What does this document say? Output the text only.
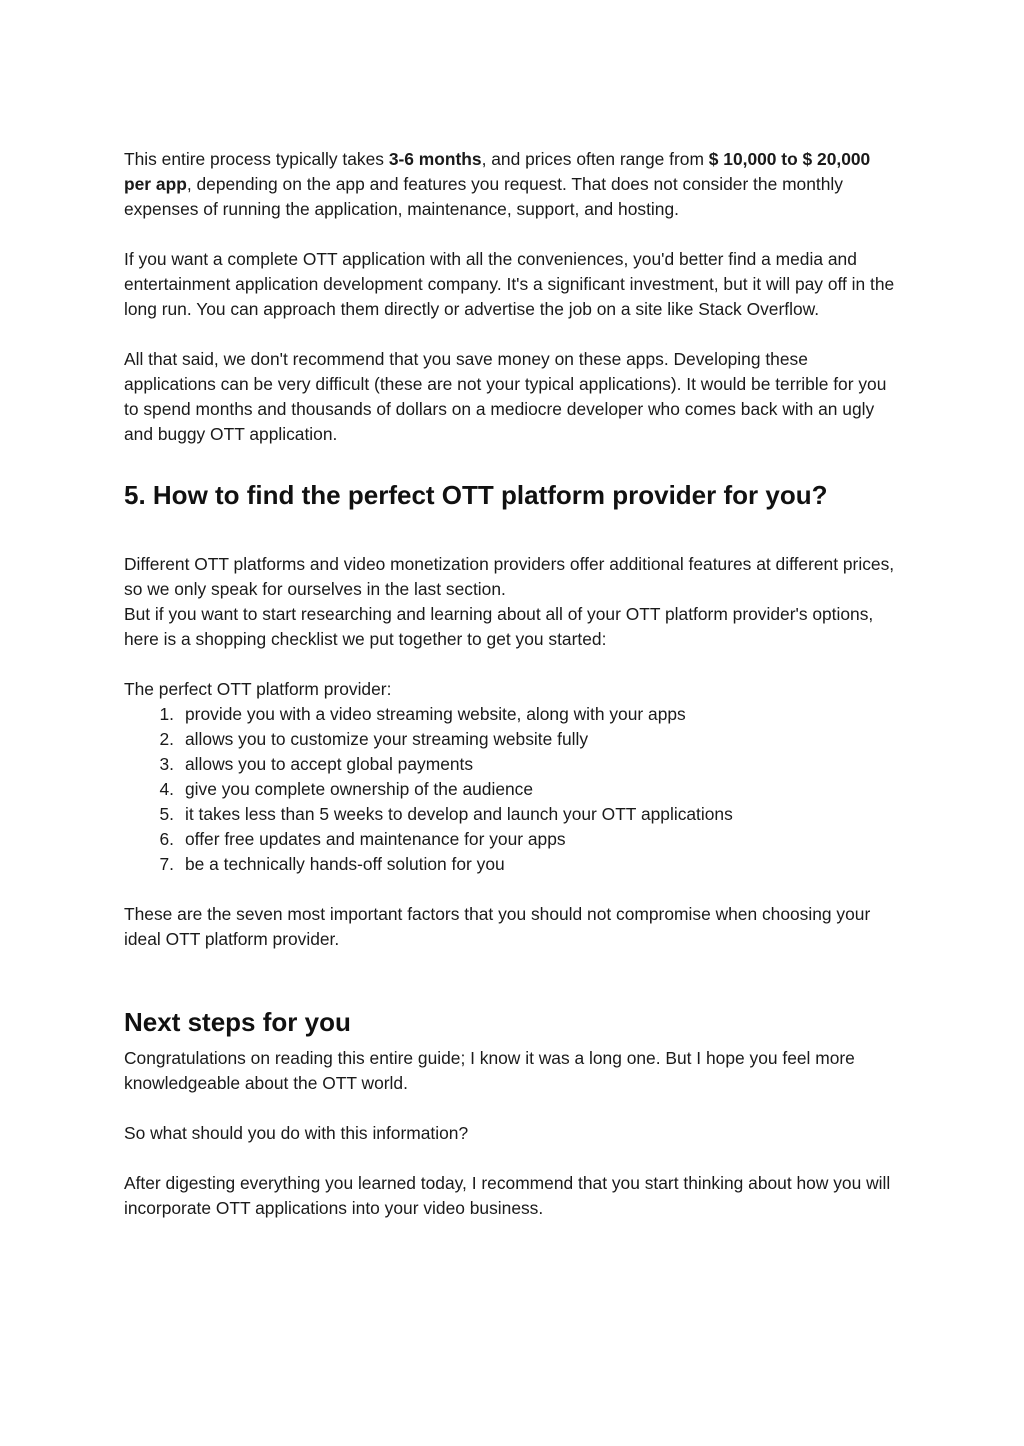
This entire process typically takes 3-6 months, and prices often range from $ 10,000 to $ 20,000 per app, depending on the app and features you request. That does not consider the monthly expenses of running the application, maintenance, support, and hosting.

If you want a complete OTT application with all the conveniences, you'd better find a media and entertainment application development company. It's a significant investment, but it will pay off in the long run. You can approach them directly or advertise the job on a site like Stack Overflow.

All that said, we don't recommend that you save money on these apps. Developing these applications can be very difficult (these are not your typical applications). It would be terrible for you to spend months and thousands of dollars on a mediocre developer who comes back with an ugly and buggy OTT application.

5. How to find the perfect OTT platform provider for you?

Different OTT platforms and video monetization providers offer additional features at different prices, so we only speak for ourselves in the last section.

But if you want to start researching and learning about all of your OTT platform provider's options, here is a shopping checklist we put together to get you started:

The perfect OTT platform provider:

1. provide you with a video streaming website, along with your apps
2. allows you to customize your streaming website fully
3. allows you to accept global payments
4. give you complete ownership of the audience
5. it takes less than 5 weeks to develop and launch your OTT applications
6. offer free updates and maintenance for your apps
7. be a technically hands-off solution for you

These are the seven most important factors that you should not compromise when choosing your ideal OTT platform provider.

Next steps for you

Congratulations on reading this entire guide; I know it was a long one. But I hope you feel more knowledgeable about the OTT world.

So what should you do with this information?

After digesting everything you learned today, I recommend that you start thinking about how you will incorporate OTT applications into your video business.
